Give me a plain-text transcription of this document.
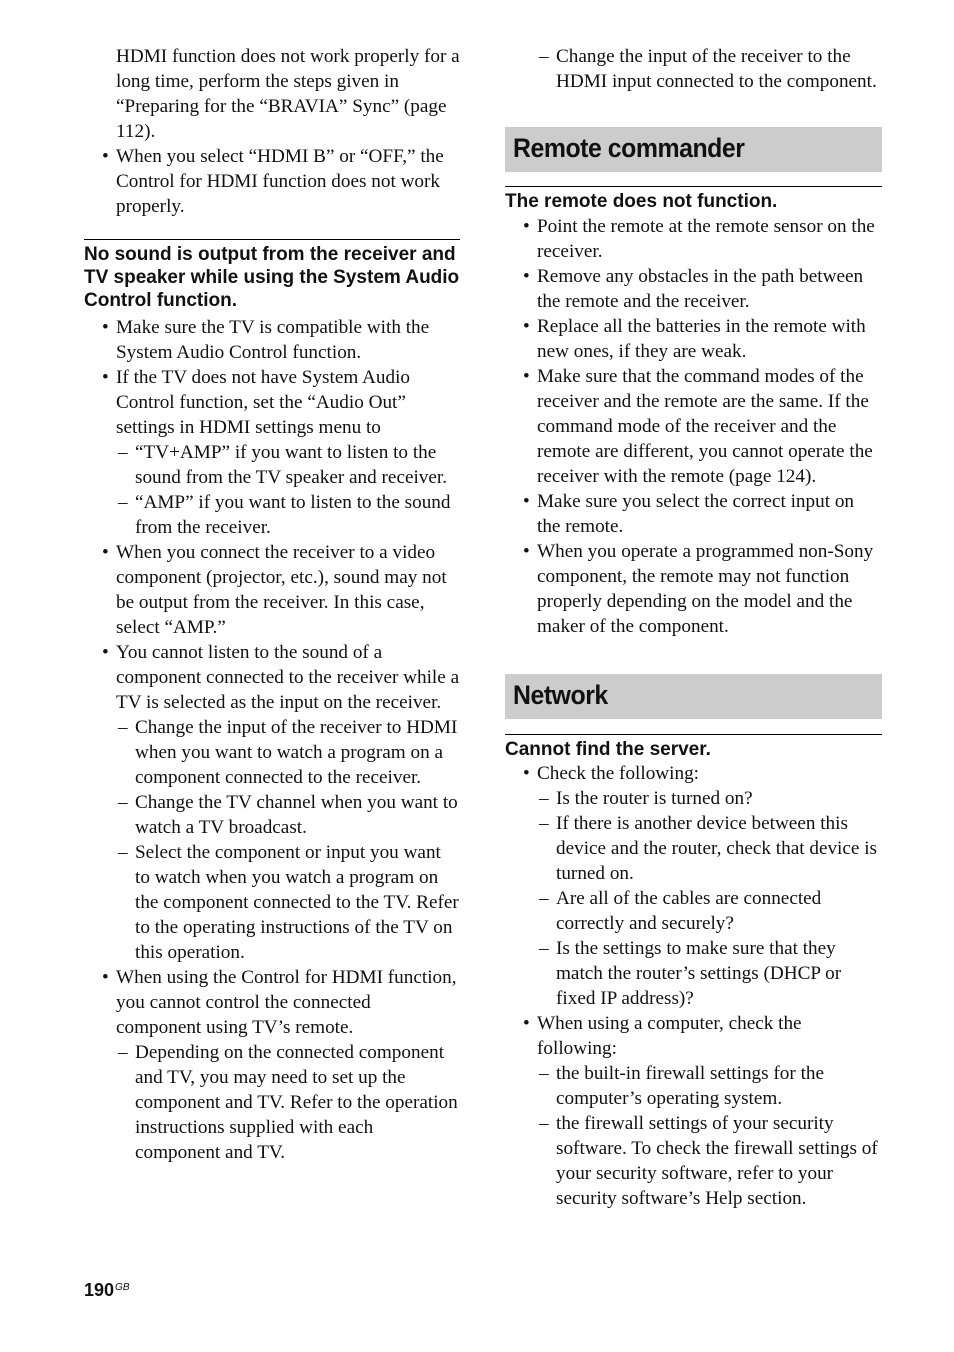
HDMI function does not work properly for a long time, perform the steps given in “Preparing for the “BRAVIA” Sync” (page 112).
• When you select “HDMI B” or “OFF,” the Control for HDMI function does not work properly.
No sound is output from the receiver and TV speaker while using the System Audio Control function.
• Make sure the TV is compatible with the System Audio Control function.
• If the TV does not have System Audio Control function, set the “Audio Out” settings in HDMI settings menu to
– “TV+AMP” if you want to listen to the sound from the TV speaker and receiver.
– “AMP” if you want to listen to the sound from the receiver.
• When you connect the receiver to a video component (projector, etc.), sound may not be output from the receiver. In this case, select “AMP.”
• You cannot listen to the sound of a component connected to the receiver while a TV is selected as the input on the receiver.
– Change the input of the receiver to HDMI when you want to watch a program on a component connected to the receiver.
– Change the TV channel when you want to watch a TV broadcast.
– Select the component or input you want to watch when you watch a program on the component connected to the TV. Refer to the operating instructions of the TV on this operation.
• When using the Control for HDMI function, you cannot control the connected component using TV’s remote.
– Depending on the connected component and TV, you may need to set up the component and TV. Refer to the operation instructions supplied with each component and TV.
– Change the input of the receiver to the HDMI input connected to the component.
Remote commander
The remote does not function.
• Point the remote at the remote sensor on the receiver.
• Remove any obstacles in the path between the remote and the receiver.
• Replace all the batteries in the remote with new ones, if they are weak.
• Make sure that the command modes of the receiver and the remote are the same. If the command mode of the receiver and the remote are different, you cannot operate the receiver with the remote (page 124).
• Make sure you select the correct input on the remote.
• When you operate a programmed non-Sony component, the remote may not function properly depending on the model and the maker of the component.
Network
Cannot find the server.
• Check the following:
– Is the router is turned on?
– If there is another device between this device and the router, check that device is turned on.
– Are all of the cables are connected correctly and securely?
– Is the settings to make sure that they match the router’s settings (DHCP or fixed IP address)?
• When using a computer, check the following:
– the built-in firewall settings for the computer’s operating system.
– the firewall settings of your security software. To check the firewall settings of your security software, refer to your security software’s Help section.
$190^{GB}$
